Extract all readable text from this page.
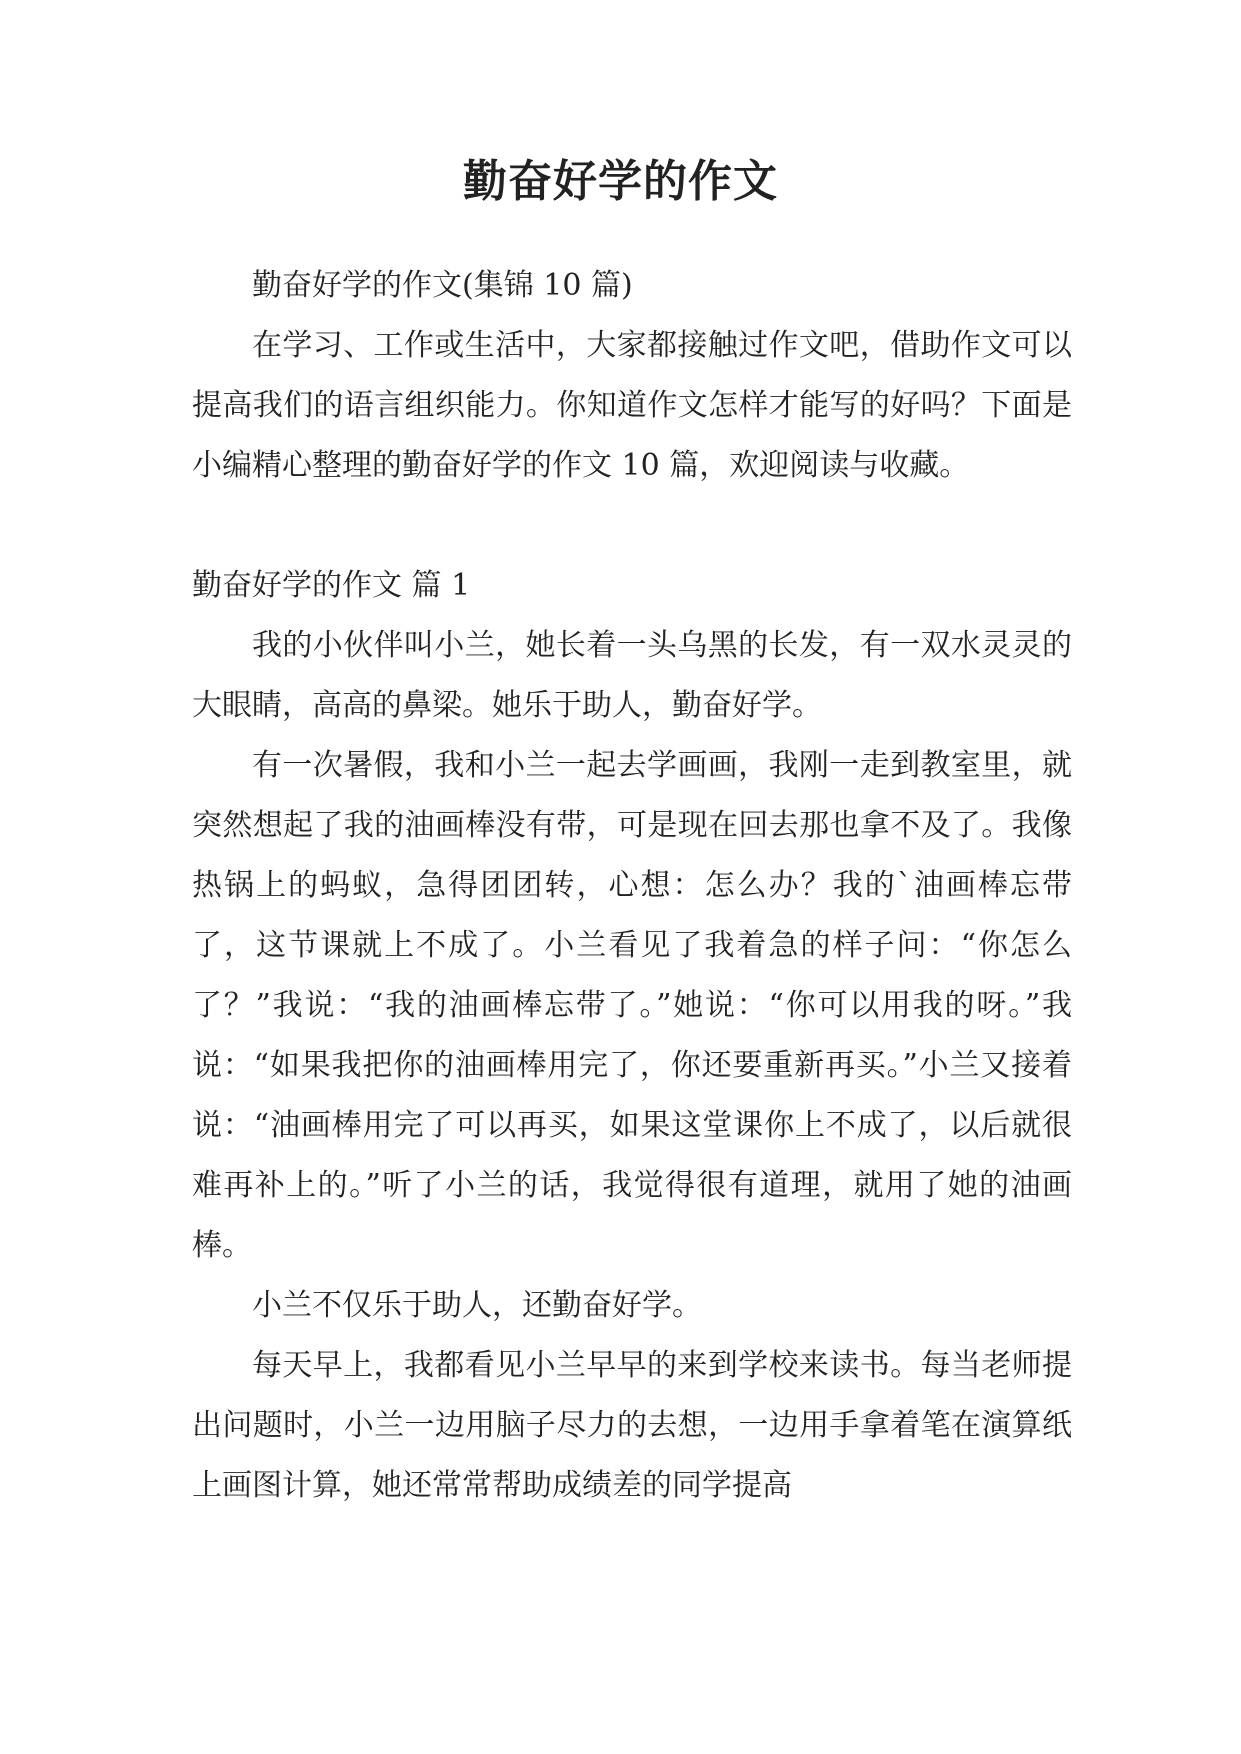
勤奋好学的作文

勤奋好学的作文(集锦 10 篇)

在学习、工作或生活中，大家都接触过作文吧，借助作文可以提高我们的语言组织能力。你知道作文怎样才能写的好吗？下面是小编精心整理的勤奋好学的作文 10 篇，欢迎阅读与收藏。

勤奋好学的作文 篇 1

我的小伙伴叫小兰，她长着一头乌黑的长发，有一双水灵灵的大眼睛，高高的鼻梁。她乐于助人，勤奋好学。

有一次暑假，我和小兰一起去学画画，我刚一走到教室里，就突然想起了我的油画棒没有带，可是现在回去那也拿不及了。我像热锅上的蚂蚁，急得团团转，心想：怎么办？我的`油画棒忘带了，这节课就上不成了。小兰看见了我着急的样子问：“你怎么了？”我说：“我的油画棒忘带了。”她说：“你可以用我的呀。”我说：“如果我把你的油画棒用完了，你还要重新再买。”小兰又接着说：“油画棒用完了可以再买，如果这堂课你上不成了，以后就很难再补上的。”听了小兰的话，我觉得很有道理，就用了她的油画棒。

小兰不仅乐于助人，还勤奋好学。

每天早上，我都看见小兰早早的来到学校来读书。每当老师提出问题时，小兰一边用脑子尽力的去想，一边用手拿着笔在演算纸上画图计算，她还常常帮助成绩差的同学提高
